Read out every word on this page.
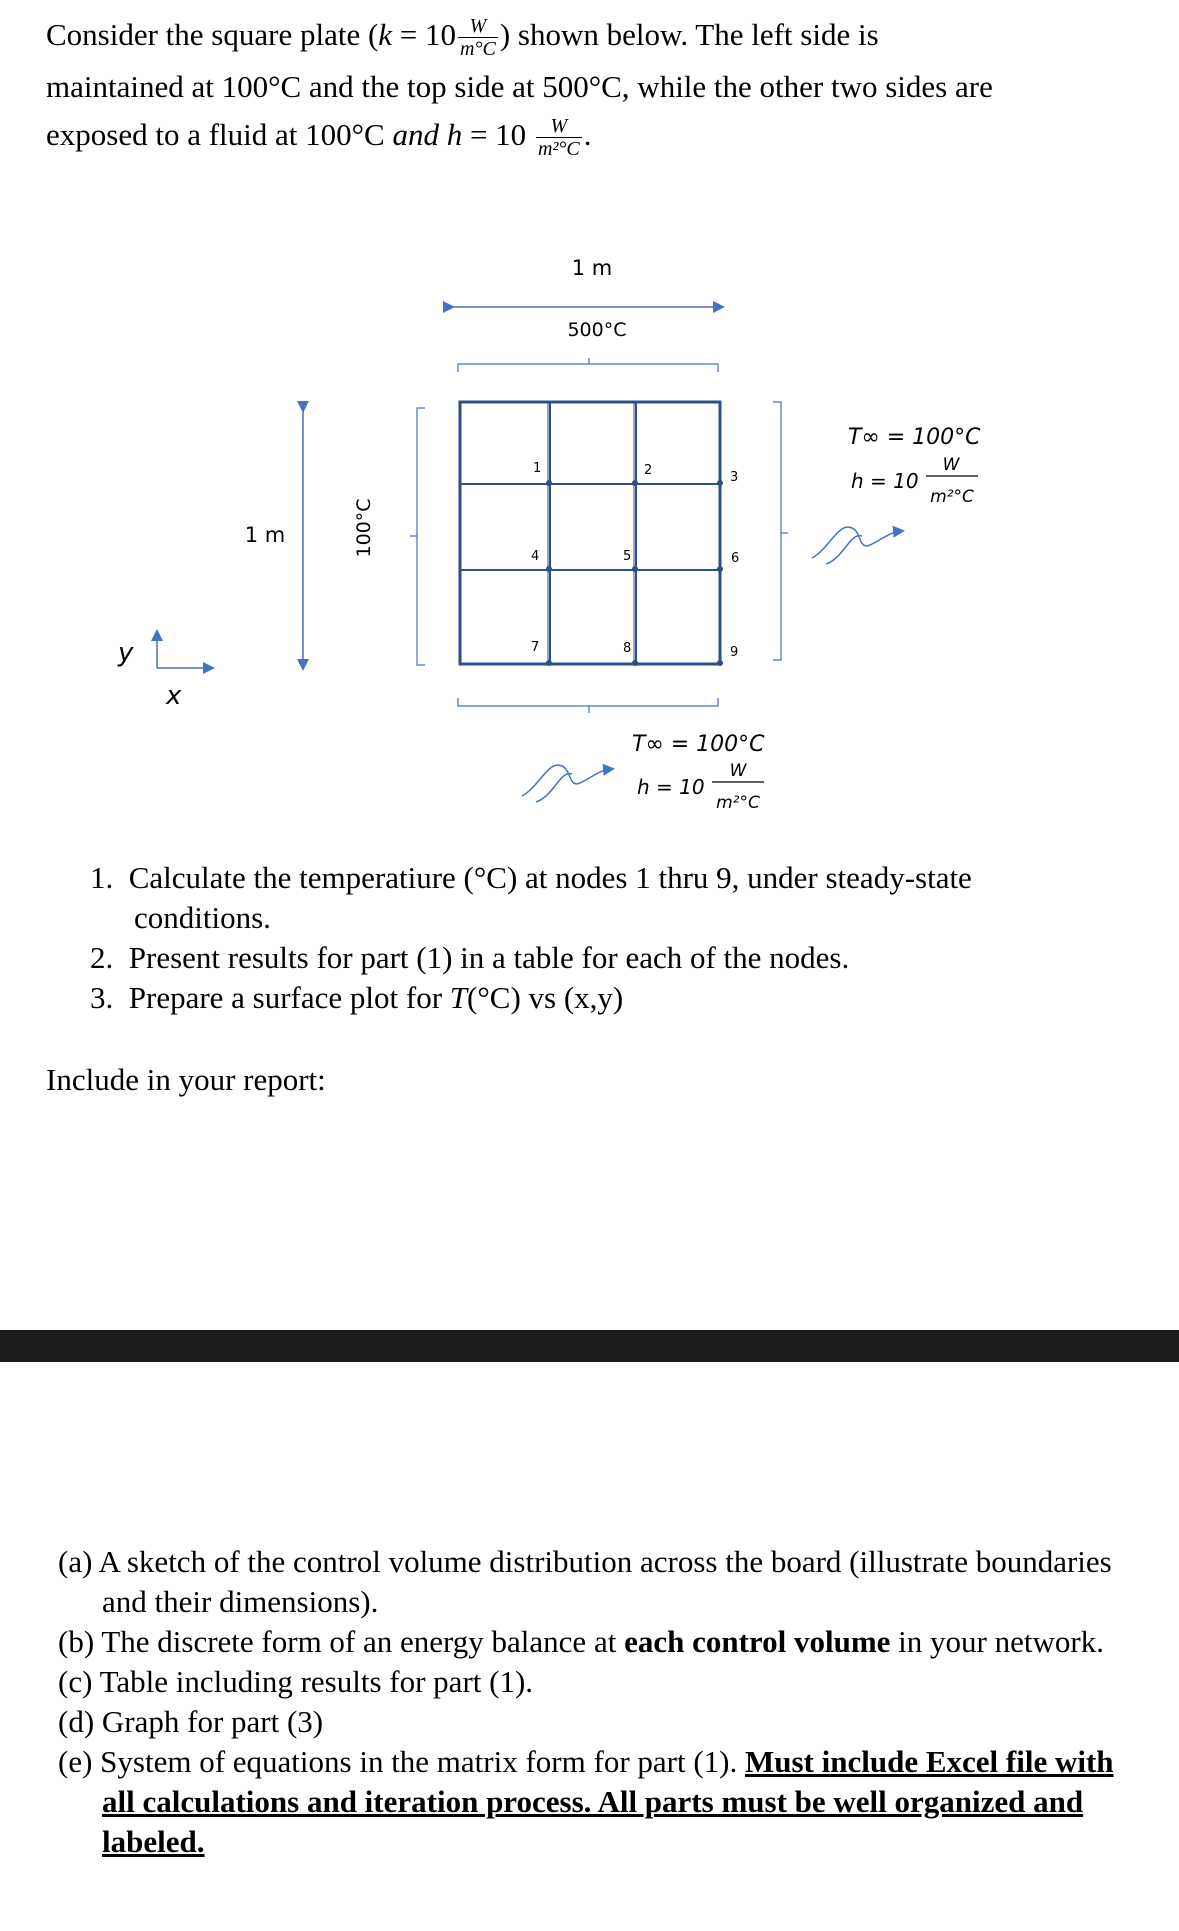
Consider the square plate ($k = 10 \frac{W}{m^\circ C}$ ) shown below. The left side is
maintained at 100°C and the top side at 500°C, while the other two sides are
exposed to a fluid at 100°C and $h = 10 \frac{W}{\text{m²°C}}$ .
1 m
500°C
1 m	100°C
1	2	3
4	5	6
7	8	9
T∞ = 100°C
h = 10
W
m²°C
T∞ = 100°C
h = 10
W
m²°C
y
x
1. Calculate the temperatiure (°C) at nodes 1 thru 9, under steady-state conditions.
2. Present results for part (1) in a table for each of the nodes.
3. Prepare a surface plot for T(°C) vs (x,y)
Include in your report:
(a) A sketch of the control volume distribution across the board (illustrate boundaries and their dimensions).
(b) The discrete form of an energy balance at each control volume in your network.
(c) Table including results for part (1).
(d) Graph for part (3)
(e) System of equations in the matrix form for part (1). Must include Excel file with all calculations and iteration process. All parts must be well organized and labeled.
